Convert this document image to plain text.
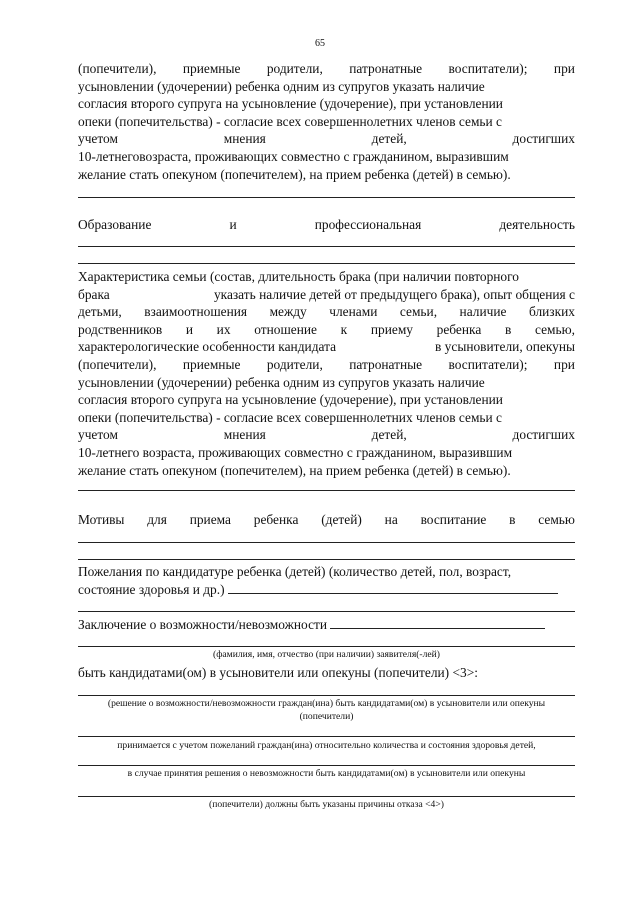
65
(попечители), приемные родители, патронатные воспитатели); при
усыновлении (удочерении) ребенка одним из супругов указать наличие
согласия второго супруга на усыновление (удочерение), при установлении
опеки (попечительства) - согласие всех совершеннолетних членов семьи с
учетом	мнения	детей,	достигших
10-летнеговозраста, проживающих совместно с гражданином, выразившим
желание стать опекуном (попечителем), на прием ребенка (детей) в семью).
Образование	и	профессиональная	деятельность
Характеристика семьи (состав, длительность брака (при наличии повторного
брака	указать наличие детей от предыдущего брака), опыт общения с
детьми, взаимоотношения между членами семьи, наличие близких
родственников и их отношение к приему ребенка в семью,
характерологические особенности кандидата	в усыновители, опекуны
(попечители), приемные родители, патронатные воспитатели); при
усыновлении (удочерении) ребенка одним из супругов указать наличие
согласия второго супруга на усыновление (удочерение), при установлении
опеки (попечительства) - согласие всех совершеннолетних членов семьи с
учетом	мнения	детей,	достигших
10-летнего возраста, проживающих совместно с гражданином, выразившим
желание стать опекуном (попечителем), на прием ребенка (детей) в семью).
Мотивы для приема ребенка (детей) на воспитание в семью
Пожелания по кандидатуре ребенка (детей) (количество детей, пол, возраст,
состояние здоровья и др.)
Заключение о возможности/невозможности
(фамилия, имя, отчество (при наличии) заявителя(-лей)
быть кандидатами(ом) в усыновители или опекуны (попечители) <3>:
(решение о возможности/невозможности граждан(ина) быть кандидатами(ом) в усыновители или опекуны
(попечители)
принимается с учетом пожеланий граждан(ина) относительно количества и состояния здоровья детей,
в случае принятия решения о невозможности быть кандидатами(ом) в усыновители или опекуны
(попечители) должны быть указаны причины отказа <4>)
